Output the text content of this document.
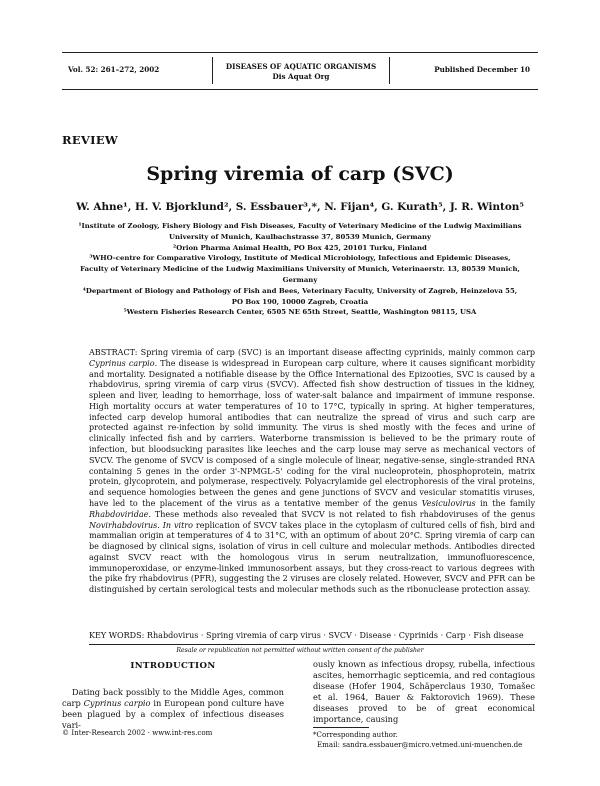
Vol. 52: 261–272, 2002	DISEASES OF AQUATIC ORGANISMS
Dis Aquat Org
Published December 10
REVIEW
Spring viremia of carp (SVC)
W. Ahne¹, H. V. Bjorklund², S. Essbauer³,*, N. Fijan⁴, G. Kurath⁵, J. R. Winton⁵
¹Institute of Zoology, Fishery Biology and Fish Diseases, Faculty of Veterinary Medicine of the Ludwig Maximilians
University of Munich, Kaulbachstrasse 37, 80539 Munich, Germany
²Orion Pharma Animal Health, PO Box 425, 20101 Turku, Finland
³WHO-centre for Comparative Virology, Institute of Medical Microbiology, Infectious and Epidemic Diseases,
Faculty of Veterinary Medicine of the Ludwig Maximilians University of Munich, Veterinaerstr. 13, 80539 Munich, Germany
⁴Department of Biology and Pathology of Fish and Bees, Veterinary Faculty, University of Zagreb, Heinzelova 55,
PO Box 190, 10000 Zagreb, Croatia
⁵Western Fisheries Research Center, 6505 NE 65th Street, Seattle, Washington 98115, USA
ABSTRACT: Spring viremia of carp (SVC) is an important disease affecting cyprinids, mainly common carp Cyprinus carpio. The disease is widespread in European carp culture, where it causes significant morbidity and mortality. Designated a notifiable disease by the Office International des Epizooties, SVC is caused by a rhabdovirus, spring viremia of carp virus (SVCV). Affected fish show destruction of tissues in the kidney, spleen and liver, leading to hemorrhage, loss of water-salt balance and impairment of immune response. High mortality occurs at water temperatures of 10 to 17°C, typically in spring. At higher temperatures, infected carp develop humoral antibodies that can neutralize the spread of virus and such carp are protected against re-infection by solid immunity. The virus is shed mostly with the feces and urine of clinically infected fish and by carriers. Waterborne transmission is believed to be the primary route of infection, but bloodsucking parasites like leeches and the carp louse may serve as mechanical vectors of SVCV. The genome of SVCV is composed of a single molecule of linear, negative-sense, single-stranded RNA containing 5 genes in the order 3'-NPMGL-5' coding for the viral nucleoprotein, phosphoprotein, matrix protein, glycoprotein, and polymerase, respectively. Polyacrylamide gel electrophoresis of the viral proteins, and sequence homologies between the genes and gene junctions of SVCV and vesicular stomatitis viruses, have led to the placement of the virus as a tentative member of the genus Vesiculovirus in the family Rhabdoviridae. These methods also revealed that SVCV is not related to fish rhabdoviruses of the genus Novirhabdovirus. In vitro replication of SVCV takes place in the cytoplasm of cultured cells of fish, bird and mammalian origin at temperatures of 4 to 31°C, with an optimum of about 20°C. Spring viremia of carp can be diagnosed by clinical signs, isolation of virus in cell culture and molecular methods. Antibodies directed against SVCV react with the homologous virus in serum neutralization, immunofluorescence, immunoperoxidase, or enzyme-linked immunosorbent assays, but they cross-react to various degrees with the pike fry rhabdovirus (PFR), suggesting the 2 viruses are closely related. However, SVCV and PFR can be distinguished by certain serological tests and molecular methods such as the ribonuclease protection assay.
KEY WORDS: Rhabdovirus · Spring viremia of carp virus · SVCV · Disease · Cyprinids · Carp · Fish disease
Resale or republication not permitted without written consent of the publisher
INTRODUCTION
Dating back possibly to the Middle Ages, common carp Cyprinus carpio in European pond culture have been plagued by a complex of infectious diseases vari-
ously known as infectious dropsy, rubella, infectious ascites, hemorrhagic septicemia, and red contagious disease (Hofer 1904, Schäperclaus 1930, Tomašec et al. 1964, Bauer & Faktorovich 1969). These diseases proved to be of great economical importance, causing
© Inter-Research 2002 · www.int-res.com	*Corresponding author.
Email: sandra.essbauer@micro.vetmed.uni-muenchen.de
